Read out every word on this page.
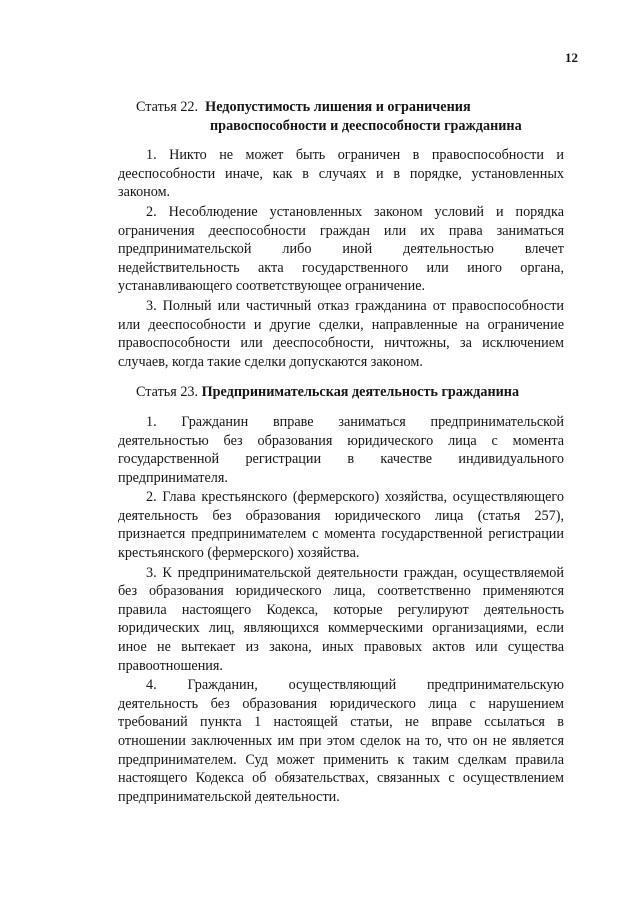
12
Статья 22.
Недопустимость лишения и ограничения
правоспособности и дееспособности гражданина

1. Никто не может быть ограничен в правоспособности и дееспособности иначе, как в случаях и в порядке, установленных законом.

2. Несоблюдение установленных законом условий и порядка ограничения дееспособности граждан или их права заниматься предпринимательской либо иной деятельностью влечет недействительность акта государственного или иного органа, устанавливающего соответствующее ограничение.

3. Полный или частичный отказ гражданина от правоспособности или дееспособности и другие сделки, направленные на ограничение правоспособности или дееспособности, ничтожны, за исключением случаев, когда такие сделки допускаются законом.

Статья 23.
Предпринимательская деятельность гражданина

1. Гражданин вправе заниматься предпринимательской деятельностью без образования юридического лица с момента государственной регистрации в качестве индивидуального предпринимателя.

2. Глава крестьянского (фермерского) хозяйства, осуществляющего деятельность без образования юридического лица (статья 257), признается предпринимателем с момента государственной регистрации крестьянского (фермерского) хозяйства.

3. К предпринимательской деятельности граждан, осуществляемой без образования юридического лица, соответственно применяются правила настоящего Кодекса, которые регулируют деятельность юридических лиц, являющихся коммерческими организациями, если иное не вытекает из закона, иных правовых актов или существа правоотношения.

4. Гражданин, осуществляющий предпринимательскую деятельность без образования юридического лица с нарушением требований пункта 1 настоящей статьи, не вправе ссылаться в отношении заключенных им при этом сделок на то, что он не является предпринимателем. Суд может применить к таким сделкам правила настоящего Кодекса об обязательствах, связанных с осуществлением предпринимательской деятельности.
